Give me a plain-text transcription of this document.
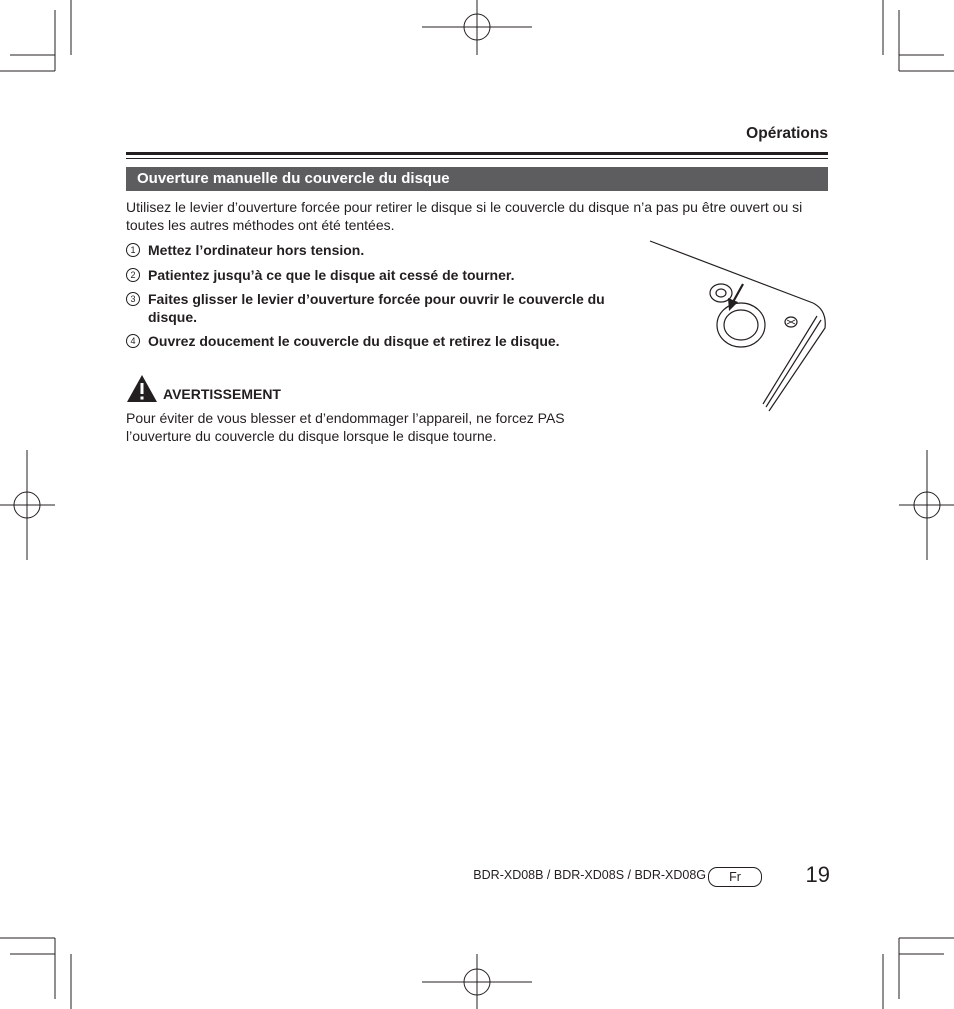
Opérations
Ouverture manuelle du couvercle du disque
Utilisez le levier d’ouverture forcée pour retirer le disque si le couvercle du disque n’a pas pu être ouvert ou si toutes les autres méthodes ont été tentées.
1 Mettez l’ordinateur hors tension.
2 Patientez jusqu’à ce que le disque ait cessé de tourner.
3 Faites glisser le levier d’ouverture forcée pour ouvrir le couvercle du disque.
4 Ouvrez doucement le couvercle du disque et retirez le disque.
AVERTISSEMENT
Pour éviter de vous blesser et d’endommager l’appareil, ne forcez PAS l’ouverture du couvercle du disque lorsque le disque tourne.
BDR-XD08B / BDR-XD08S / BDR-XD08G	Fr	19
